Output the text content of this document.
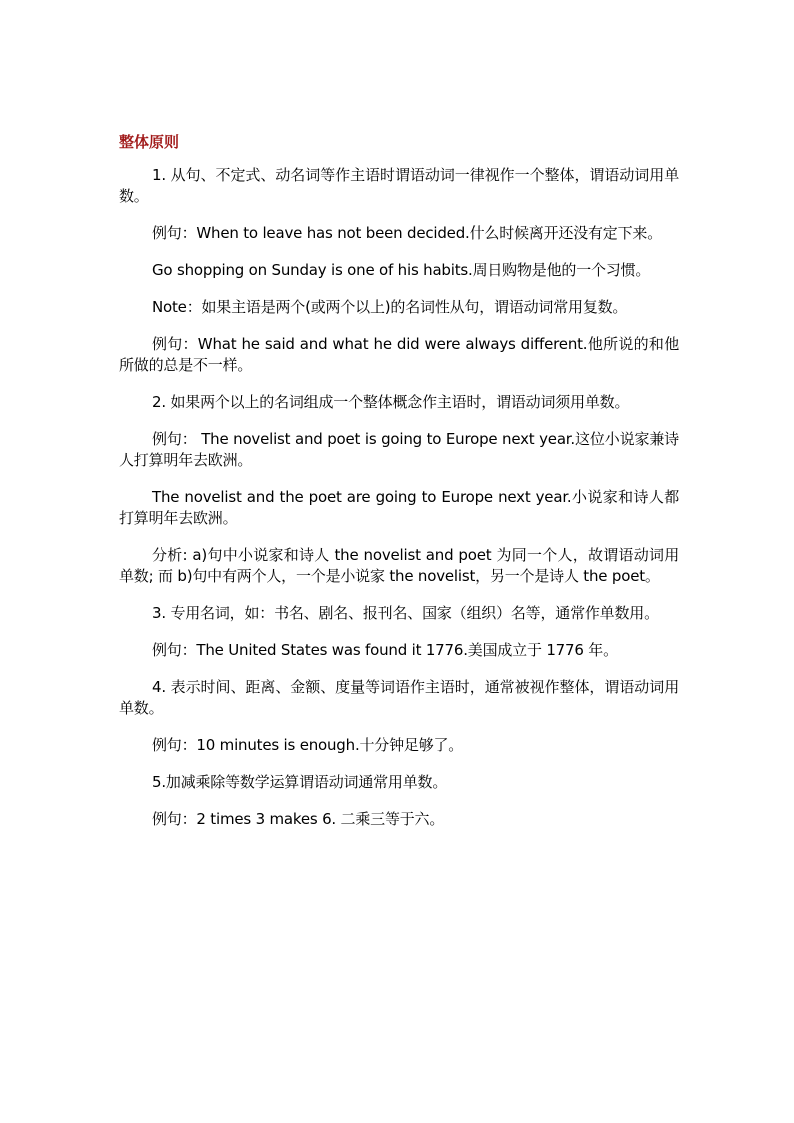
整体原则

1. 从句、不定式、动名词等作主语时谓语动词一律视作一个整体，谓语动词用单数。

例句：When to leave has not been decided.什么时候离开还没有定下来。

Go shopping on Sunday is one of his habits.周日购物是他的一个习惯。

Note：如果主语是两个(或两个以上)的名词性从句，谓语动词常用复数。

例句：What he said and what he did were always different.他所说的和他所做的总是不一样。

2. 如果两个以上的名词组成一个整体概念作主语时，谓语动词须用单数。

例句： The novelist and poet is going to Europe next year.这位小说家兼诗人打算明年去欧洲。

The novelist and the poet are going to Europe next year.小说家和诗人都打算明年去欧洲。

分析: a)句中小说家和诗人 the novelist and poet 为同一个人，故谓语动词用单数; 而 b)句中有两个人，一个是小说家 the novelist，另一个是诗人 the poet。

3. 专用名词，如：书名、剧名、报刊名、国家（组织）名等，通常作单数用。

例句：The United States was found it 1776.美国成立于 1776 年。

4. 表示时间、距离、金额、度量等词语作主语时，通常被视作整体，谓语动词用单数。

例句：10 minutes is enough.十分钟足够了。

5.加减乘除等数学运算谓语动词通常用单数。

例句：2 times 3 makes 6. 二乘三等于六。
